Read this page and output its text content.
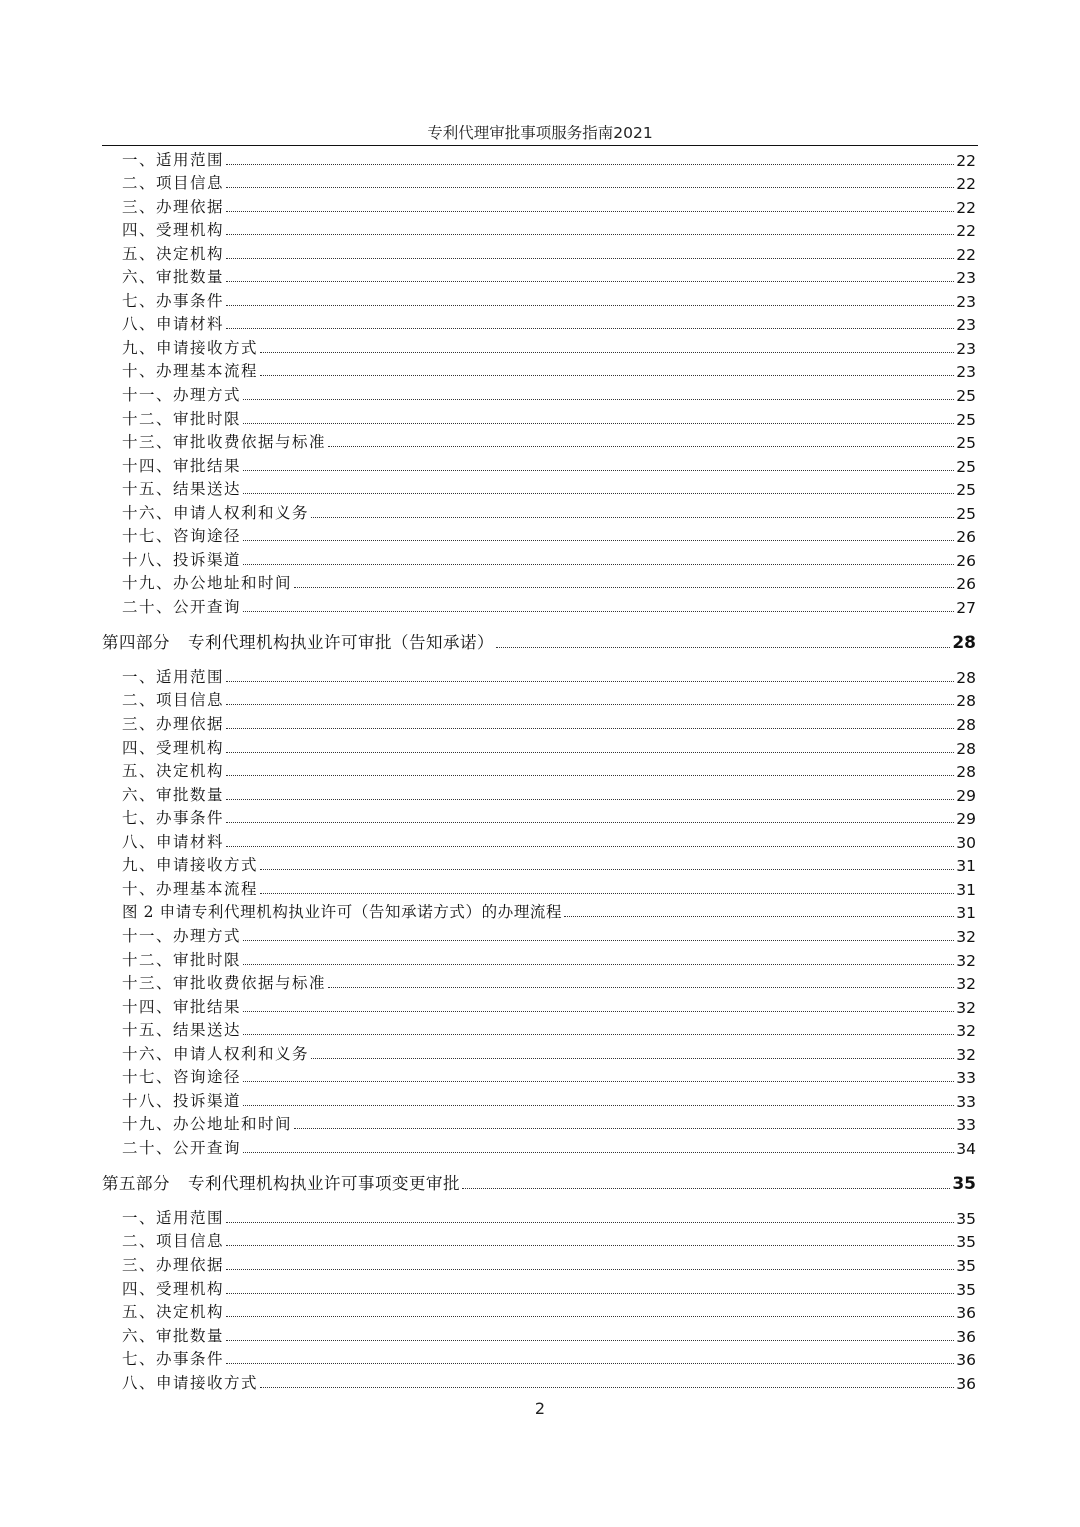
专利代理审批事项服务指南2021
一、适用范围	22
二、项目信息	22
三、办理依据	22
四、受理机构	22
五、决定机构	22
六、审批数量	23
七、办事条件	23
八、申请材料	23
九、申请接收方式	23
十、办理基本流程	23
十一、办理方式	25
十二、审批时限	25
十三、审批收费依据与标准	25
十四、审批结果	25
十五、结果送达	25
十六、申请人权利和义务	25
十七、咨询途径	26
十八、投诉渠道	26
十九、办公地址和时间	26
二十、公开查询	27
第四部分 专利代理机构执业许可审批（告知承诺）	28
一、适用范围	28
二、项目信息	28
三、办理依据	28
四、受理机构	28
五、决定机构	28
六、审批数量	29
七、办事条件	29
八、申请材料	30
九、申请接收方式	31
十、办理基本流程	31
图 2 申请专利代理机构执业许可（告知承诺方式）的办理流程	31
十一、办理方式	32
十二、审批时限	32
十三、审批收费依据与标准	32
十四、审批结果	32
十五、结果送达	32
十六、申请人权利和义务	32
十七、咨询途径	33
十八、投诉渠道	33
十九、办公地址和时间	33
二十、公开查询	34
第五部分 专利代理机构执业许可事项变更审批	35
一、适用范围	35
二、项目信息	35
三、办理依据	35
四、受理机构	35
五、决定机构	36
六、审批数量	36
七、办事条件	36
八、申请接收方式	36
2
